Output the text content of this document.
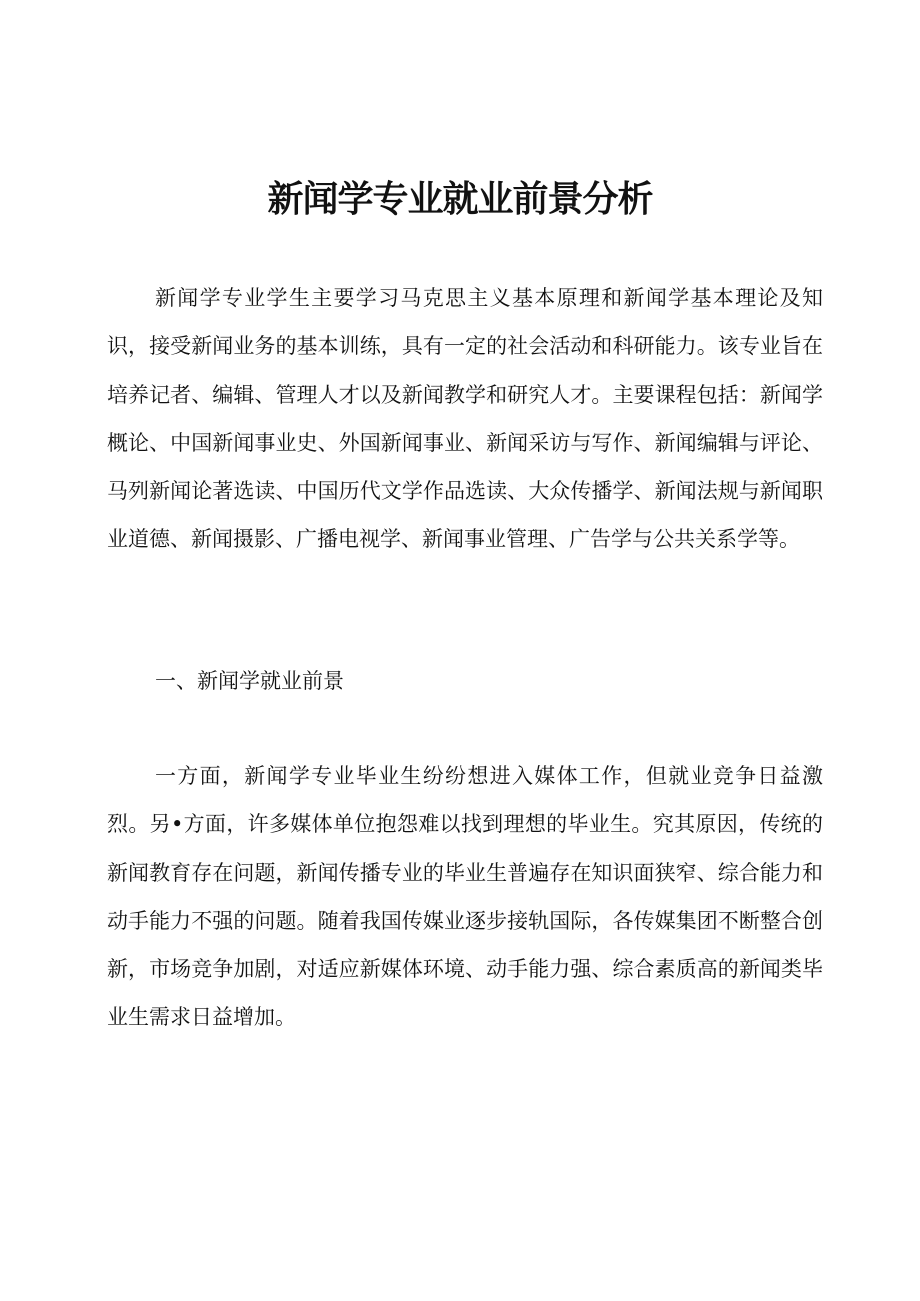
新闻学专业就业前景分析

新闻学专业学生主要学习马克思主义基本原理和新闻学基本理论及知识，接受新闻业务的基本训练，具有一定的社会活动和科研能力。该专业旨在培养记者、编辑、管理人才以及新闻教学和研究人才。主要课程包括：新闻学概论、中国新闻事业史、外国新闻事业、新闻采访与写作、新闻编辑与评论、马列新闻论著选读、中国历代文学作品选读、大众传播学、新闻法规与新闻职业道德、新闻摄影、广播电视学、新闻事业管理、广告学与公共关系学等。

一、新闻学就业前景

一方面，新闻学专业毕业生纷纷想进入媒体工作，但就业竞争日益激烈。另•方面，许多媒体单位抱怨难以找到理想的毕业生。究其原因，传统的新闻教育存在问题，新闻传播专业的毕业生普遍存在知识面狭窄、综合能力和动手能力不强的问题。随着我国传媒业逐步接轨国际，各传媒集团不断整合创新，市场竞争加剧，对适应新媒体环境、动手能力强、综合素质高的新闻类毕业生需求日益增加。
